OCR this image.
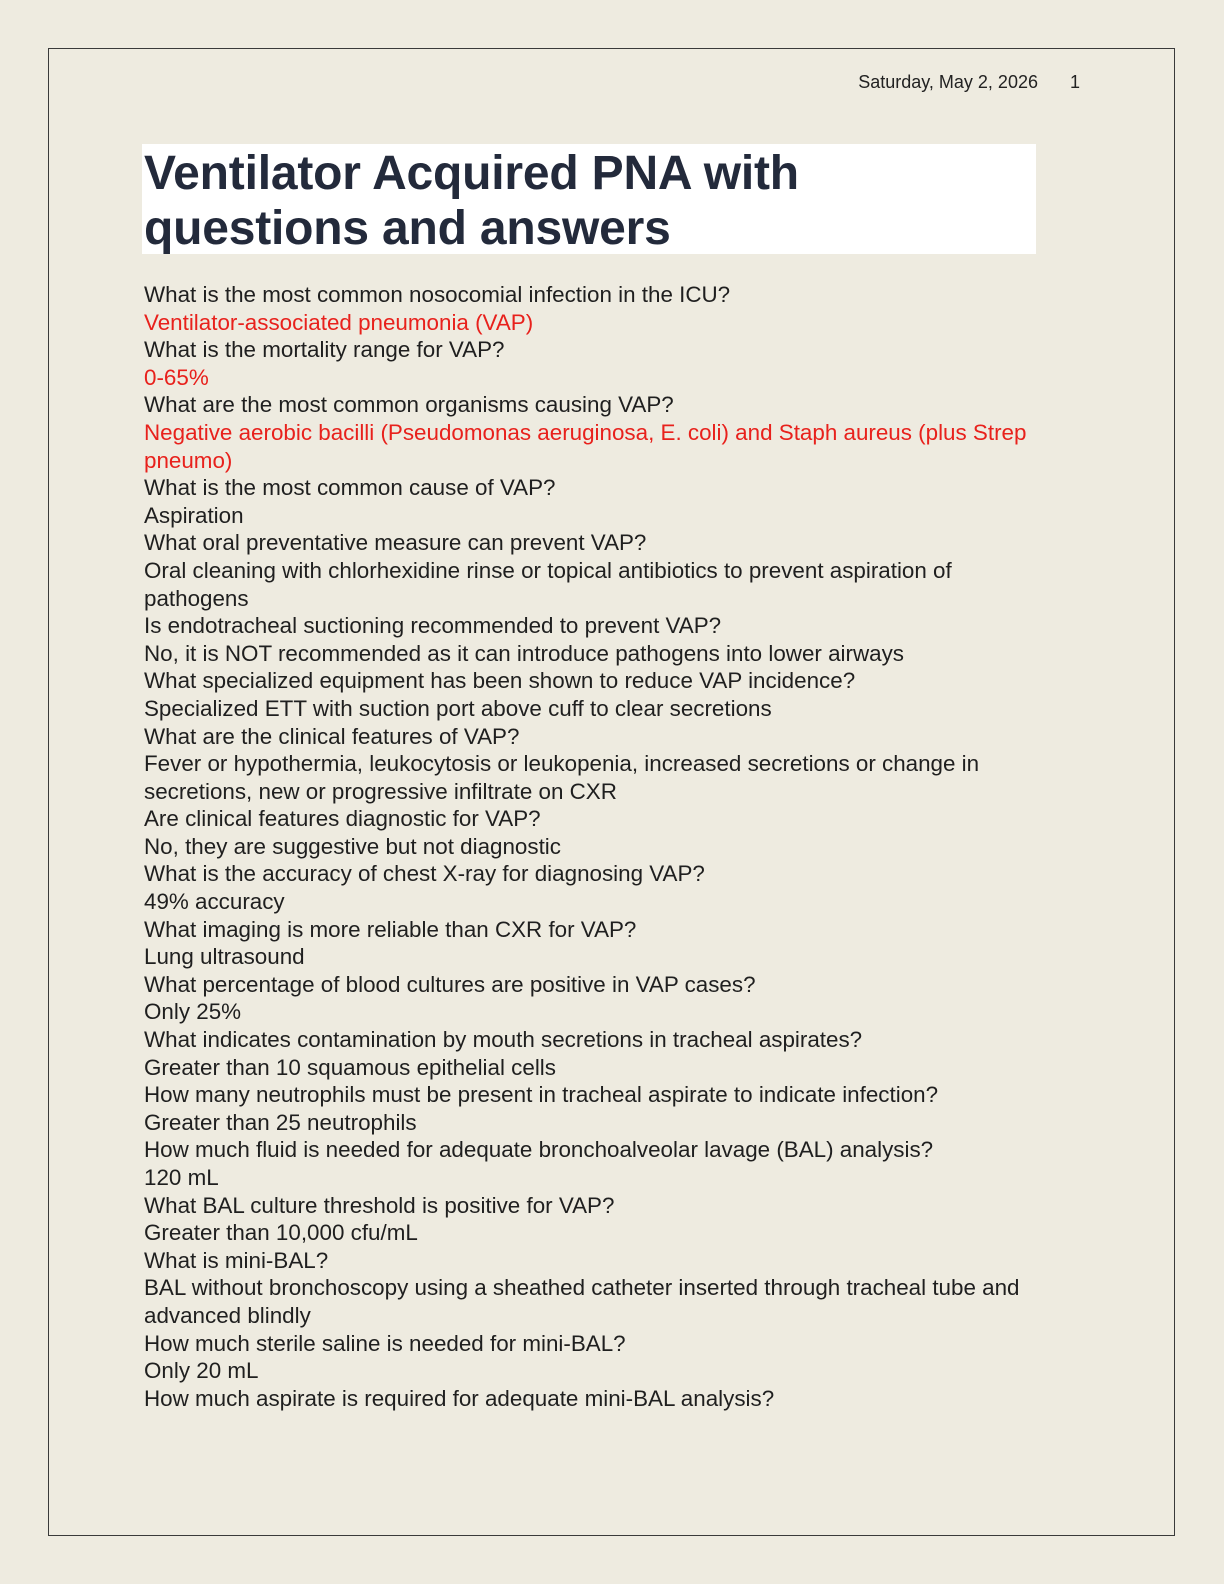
Saturday, May 2, 2026 1
Ventilator Acquired PNA with
questions and answers
What is the most common nosocomial infection in the ICU?
Ventilator-associated pneumonia (VAP)
What is the mortality range for VAP?
0-65%
What are the most common organisms causing VAP?
Negative aerobic bacilli (Pseudomonas aeruginosa, E. coli) and Staph aureus (plus Strep pneumo)
What is the most common cause of VAP?
Aspiration
What oral preventative measure can prevent VAP?
Oral cleaning with chlorhexidine rinse or topical antibiotics to prevent aspiration of pathogens
Is endotracheal suctioning recommended to prevent VAP?
No, it is NOT recommended as it can introduce pathogens into lower airways
What specialized equipment has been shown to reduce VAP incidence?
Specialized ETT with suction port above cuff to clear secretions
What are the clinical features of VAP?
Fever or hypothermia, leukocytosis or leukopenia, increased secretions or change in secretions, new or progressive infiltrate on CXR
Are clinical features diagnostic for VAP?
No, they are suggestive but not diagnostic
What is the accuracy of chest X-ray for diagnosing VAP?
49% accuracy
What imaging is more reliable than CXR for VAP?
Lung ultrasound
What percentage of blood cultures are positive in VAP cases?
Only 25%
What indicates contamination by mouth secretions in tracheal aspirates?
Greater than 10 squamous epithelial cells
How many neutrophils must be present in tracheal aspirate to indicate infection?
Greater than 25 neutrophils
How much fluid is needed for adequate bronchoalveolar lavage (BAL) analysis?
120 mL
What BAL culture threshold is positive for VAP?
Greater than 10,000 cfu/mL
What is mini-BAL?
BAL without bronchoscopy using a sheathed catheter inserted through tracheal tube and advanced blindly
How much sterile saline is needed for mini-BAL?
Only 20 mL
How much aspirate is required for adequate mini-BAL analysis?
